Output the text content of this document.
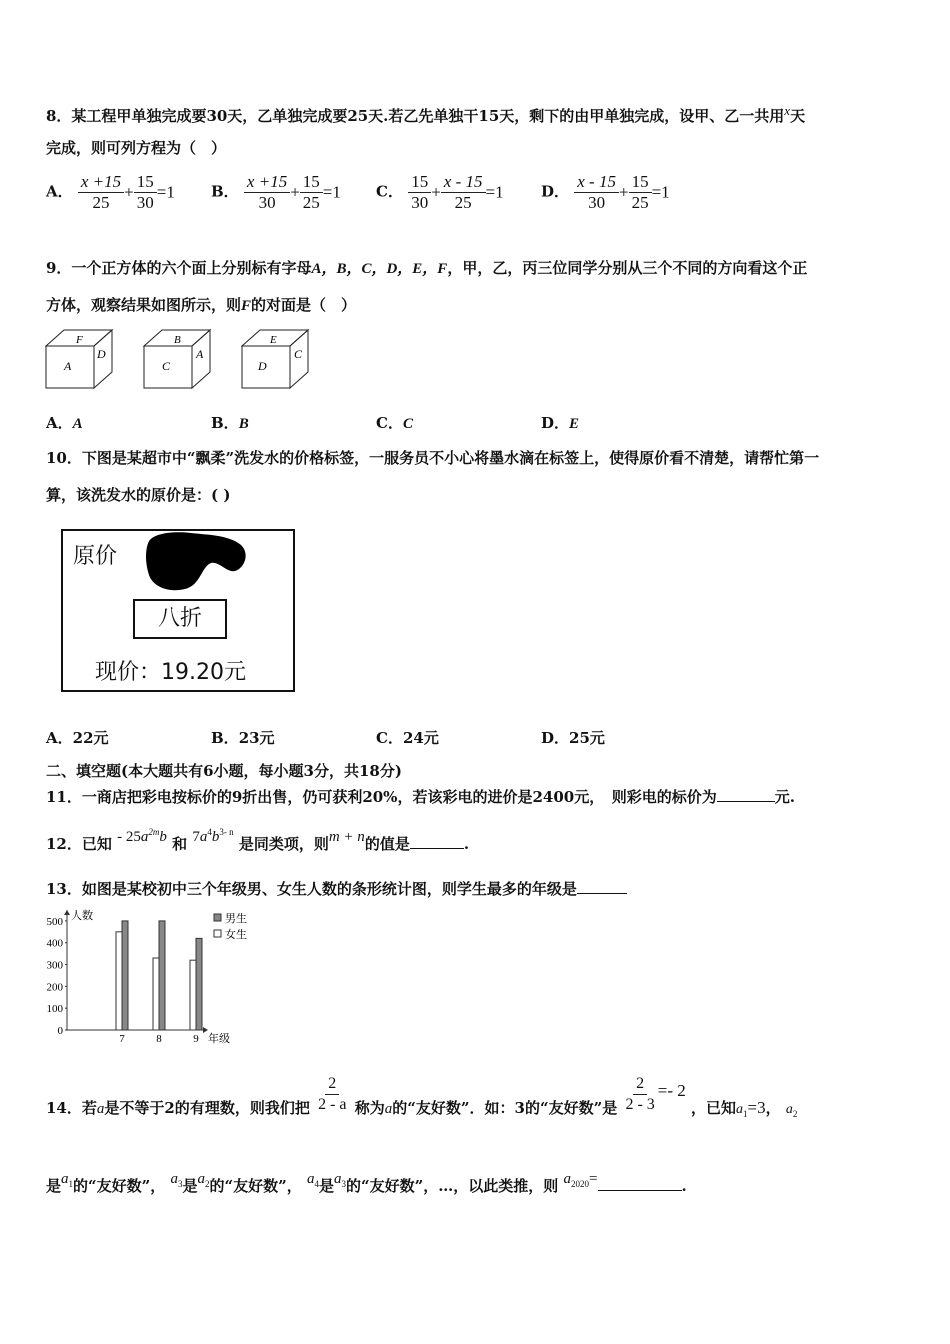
8．某工程甲单独完成要30天，乙单独完成要25天.若乙先单独干15天，剩下的由甲单独完成，设甲、乙一共用$^x$天
完成，则可列方程为（　）
A． $\frac{x +15}{25} + \frac{15}{30} =1$ B． $\frac{x +15}{30} + \frac{15}{25} =1$ C． $\frac{15}{30} + \frac{x - 15}{25} =1$ D． $\frac{x - 15}{30} + \frac{15}{25} =1$
9．一个正方体的六个面上分别标有字母A，B，C，D，E，F，甲，乙，丙三位同学分别从三个不同的方向看这个正
方体，观察结果如图所示，则F的对面是（　）
F
A
D
B
C
A
E
D
C
A．A	B．B	C．C	D．E
10．下图是某超市中“飘柔”洗发水的价格标签，一服务员不小心将墨水滴在标签上，使得原价看不清楚，请帮忙第一
算，该洗发水的原价是：( )
原价
八折
现价：19.20元
A．22元	B．23元	C．24元	D．25元
二、填空题(本大题共有6小题，每小题3分，共18分)
11．一商店把彩电按标价的9折出售，仍可获利20%，若该彩电的进价是2400元，　则彩电的标价为	元.
12．已知 - $25a^{2m}b$ 和 $7a^4b^{3- n}$ 是同类项，则m + n的值是	.
13．如图是某校初中三个年级男、女生人数的条形统计图，则学生最多的年级是
人数
0
100
200
300
400
500
7	8	9 年级
男生
女生
14．若a是不等于2的有理数，则我们把 $\frac{2}{2 - a}$ 称为a的“友好数”．如：3的“友好数”是 $\frac{2}{2 - 3} =- 2$ ，已知$a_1=3$， $a_2$
是$a_1$的“友好数”， $a_3$是$a_2$的“友好数”， $a_4$是$a_3$的“友好数”，…，以此类推，则 $a_{2020}=$	.
